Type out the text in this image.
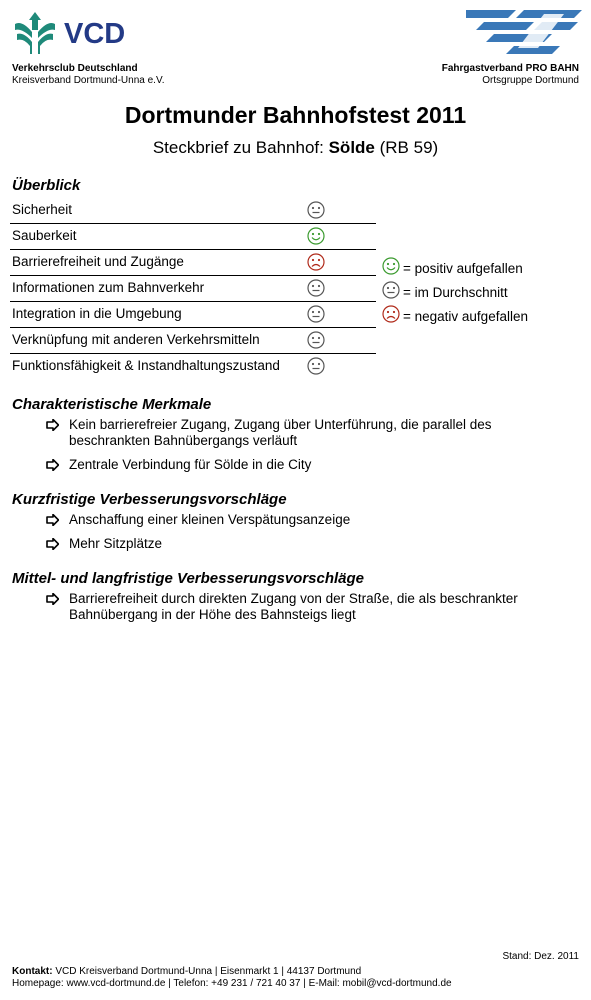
VCD
Verkehrsclub Deutschland
Kreisverband Dortmund-Unna e.V.
Fahrgastverband PRO BAHN
Ortsgruppe Dortmund
Dortmunder Bahnhofstest 2011
Steckbrief zu Bahnhof: Sölde (RB 59)
Überblick
Sicherheit
Sauberkeit
Barrierefreiheit und Zugänge
Informationen zum Bahnverkehr
Integration in die Umgebung
Verknüpfung mit anderen Verkehrsmitteln
Funktionsfähigkeit & Instandhaltungszustand
= positiv aufgefallen
= im Durchschnitt
= negativ aufgefallen
Charakteristische Merkmale
Kein barrierefreier Zugang, Zugang über Unterführung, die parallel des beschrankten Bahnübergangs verläuft
Zentrale Verbindung für Sölde in die City
Kurzfristige Verbesserungsvorschläge
Anschaffung einer kleinen Verspätungsanzeige
Mehr Sitzplätze
Mittel- und langfristige Verbesserungsvorschläge
Barrierefreiheit durch direkten Zugang von der Straße, die als beschrankter Bahnübergang in der Höhe des Bahnsteigs liegt
Stand: Dez. 2011
Kontakt: VCD Kreisverband Dortmund-Unna | Eisenmarkt 1 | 44137 Dortmund
Homepage: www.vcd-dortmund.de | Telefon: +49 231 / 721 40 37 | E-Mail: mobil@vcd-dortmund.de
